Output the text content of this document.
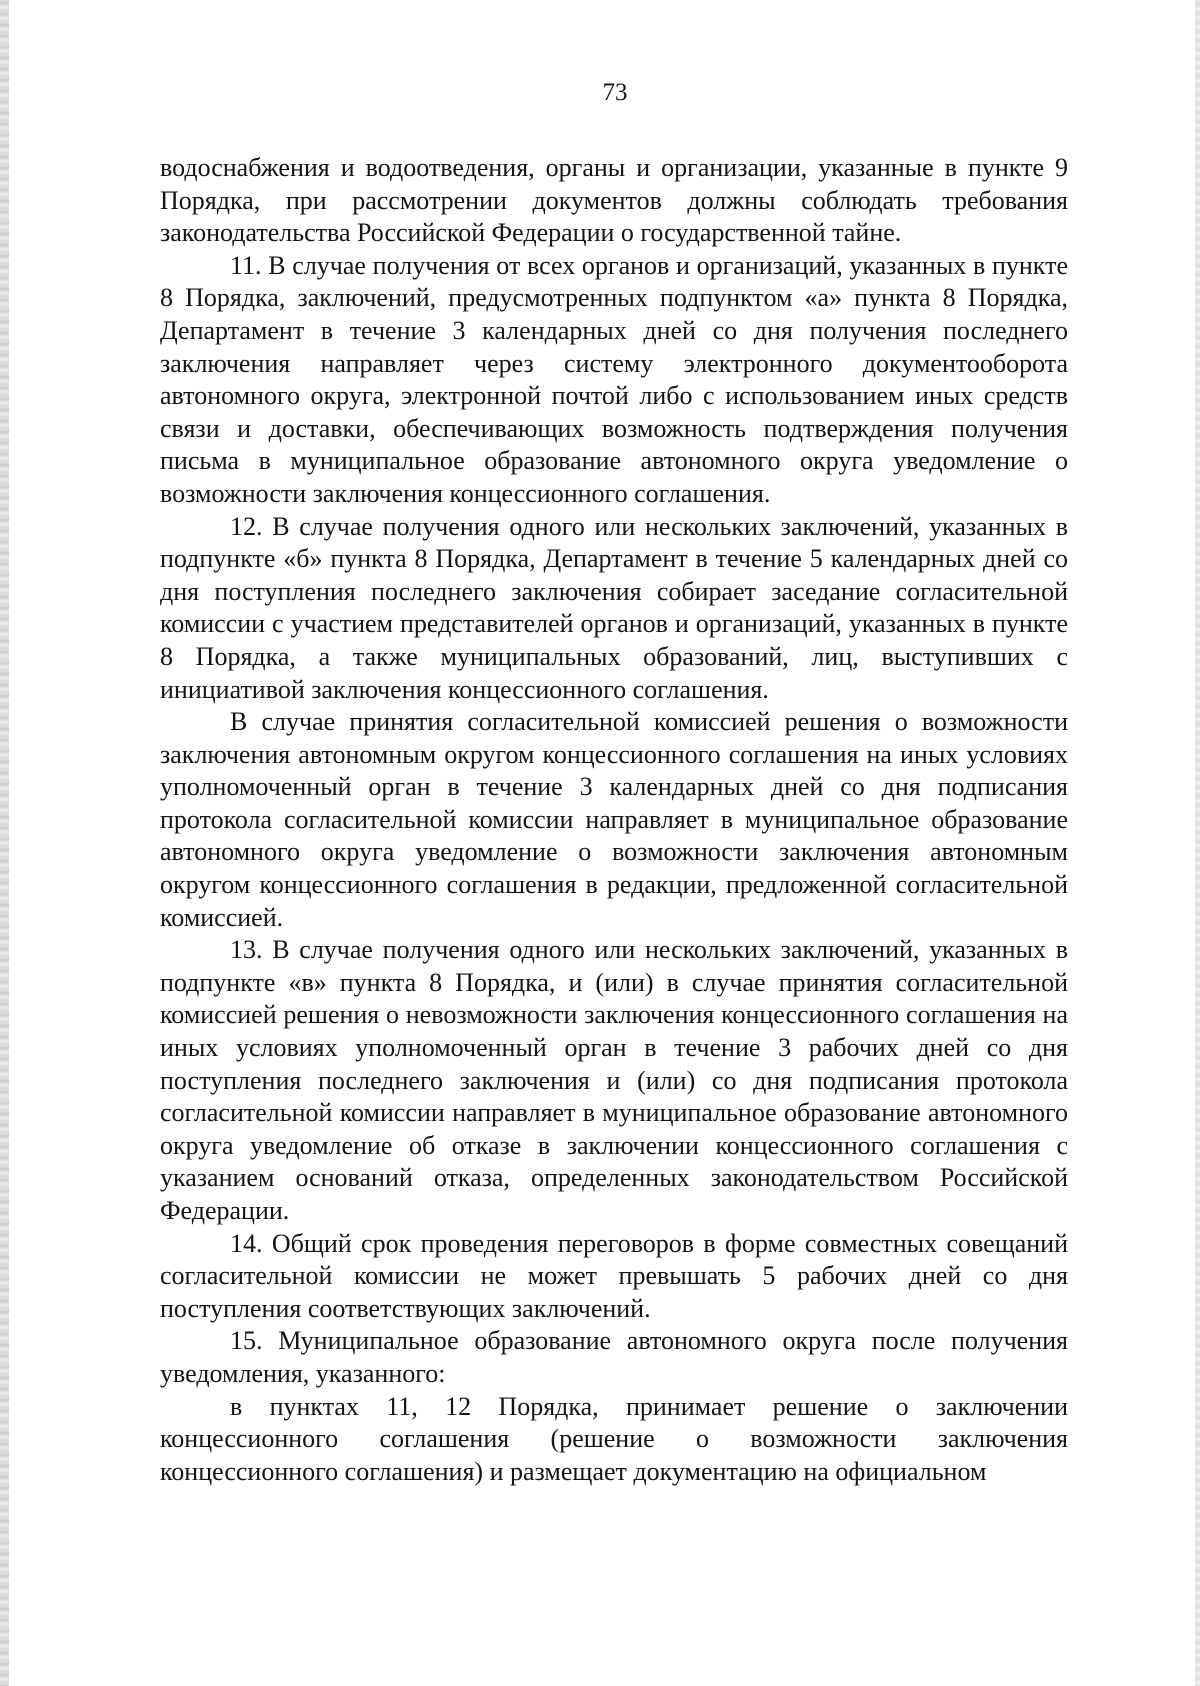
73

водоснабжения и водоотведения, органы и организации, указанные в пункте 9 Порядка, при рассмотрении документов должны соблюдать требования законодательства Российской Федерации о государственной тайне.

11. В случае получения от всех органов и организаций, указанных в пункте 8 Порядка, заключений, предусмотренных подпунктом «а» пункта 8 Порядка, Департамент в течение 3 календарных дней со дня получения последнего заключения направляет через систему электронного документооборота автономного округа, электронной почтой либо с использованием иных средств связи и доставки, обеспечивающих возможность подтверждения получения письма в муниципальное образование автономного округа уведомление о возможности заключения концессионного соглашения.

12. В случае получения одного или нескольких заключений, указанных в подпункте «б» пункта 8 Порядка, Департамент в течение 5 календарных дней со дня поступления последнего заключения собирает заседание согласительной комиссии с участием представителей органов и организаций, указанных в пункте 8 Порядка, а также муниципальных образований, лиц, выступивших с инициативой заключения концессионного соглашения.

В случае принятия согласительной комиссией решения о возможности заключения автономным округом концессионного соглашения на иных условиях уполномоченный орган в течение 3 календарных дней со дня подписания протокола согласительной комиссии направляет в муниципальное образование автономного округа уведомление о возможности заключения автономным округом концессионного соглашения в редакции, предложенной согласительной комиссией.

13. В случае получения одного или нескольких заключений, указанных в подпункте «в» пункта 8 Порядка, и (или) в случае принятия согласительной комиссией решения о невозможности заключения концессионного соглашения на иных условиях уполномоченный орган в течение 3 рабочих дней со дня поступления последнего заключения и (или) со дня подписания протокола согласительной комиссии направляет в муниципальное образование автономного округа уведомление об отказе в заключении концессионного соглашения с указанием оснований отказа, определенных законодательством Российской Федерации.

14. Общий срок проведения переговоров в форме совместных совещаний согласительной комиссии не может превышать 5 рабочих дней со дня поступления соответствующих заключений.

15. Муниципальное образование автономного округа после получения уведомления, указанного:

в пунктах 11, 12 Порядка, принимает решение о заключении концессионного соглашения (решение о возможности заключения концессионного соглашения) и размещает документацию на официальном
